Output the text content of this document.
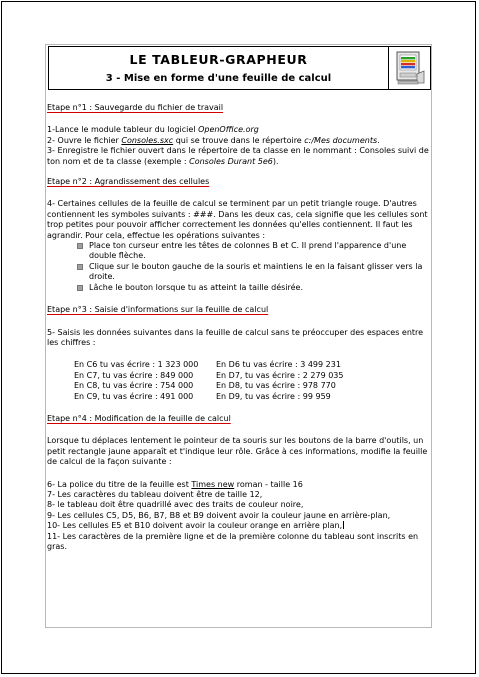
LE TABLEUR-GRAPHEUR
3 - Mise en forme d'une feuille de calcul

Etape n°1 : Sauvegarde du fichier de travail

1-Lance le module tableur du logiciel OpenOffice.org

2- Ouvre le fichier Consoles.sxc qui se trouve dans le répertoire c:/Mes documents.

3- Enregistre le fichier ouvert dans le répertoire de ta classe en le nommant : Consoles suivi de ton nom et de ta classe (exemple : Consoles Durant 5e6).

Etape n°2 : Agrandissement des cellules

4- Certaines cellules de la feuille de calcul se terminent par un petit triangle rouge. D'autres contiennent les symboles suivants : ###. Dans les deux cas, cela signifie que les cellules sont trop petites pour pouvoir afficher correctement les données qu'elles contiennent. Il faut les agrandir. Pour cela, effectue les opérations suivantes :

Place ton curseur entre les têtes de colonnes B et C. Il prend l'apparence d'une double flèche.
Clique sur le bouton gauche de la souris et maintiens le en la faisant glisser vers la droite.
Lâche le bouton lorsque tu as atteint la taille désirée.

Etape n°3 : Saisie d'informations sur la feuille de calcul

5- Saisis les données suivantes dans la feuille de calcul sans te préoccuper des espaces entre les chiffres :

En C6 tu vas écrire : 1 323 000	En D6 tu vas écrire : 3 499 231
En C7, tu vas écrire : 849 000	En D7, tu vas écrire : 2 279 035
En C8, tu vas écrire : 754 000	En D8, tu vas écrire : 978 770
En C9, tu vas écrire : 491 000	En D9, tu vas écrire : 99 959

Etape n°4 : Modification de la feuille de calcul

Lorsque tu déplaces lentement le pointeur de ta souris sur les boutons de la barre d'outils, un petit rectangle jaune apparaît et t'indique leur rôle. Grâce à ces informations, modifie la feuille de calcul de la façon suivante :

6- La police du titre de la feuille est Times new roman - taille 16

7- Les caractères du tableau doivent être de taille 12,

8- le tableau doit être quadrillé avec des traits de couleur noire,

9- Les cellules C5, D5, B6, B7, B8 et B9 doivent avoir la couleur jaune en arrière-plan,

10- Les cellules E5 et B10 doivent avoir la couleur orange en arrière plan,

11- Les caractères de la première ligne et de la première colonne du tableau sont inscrits en gras.
